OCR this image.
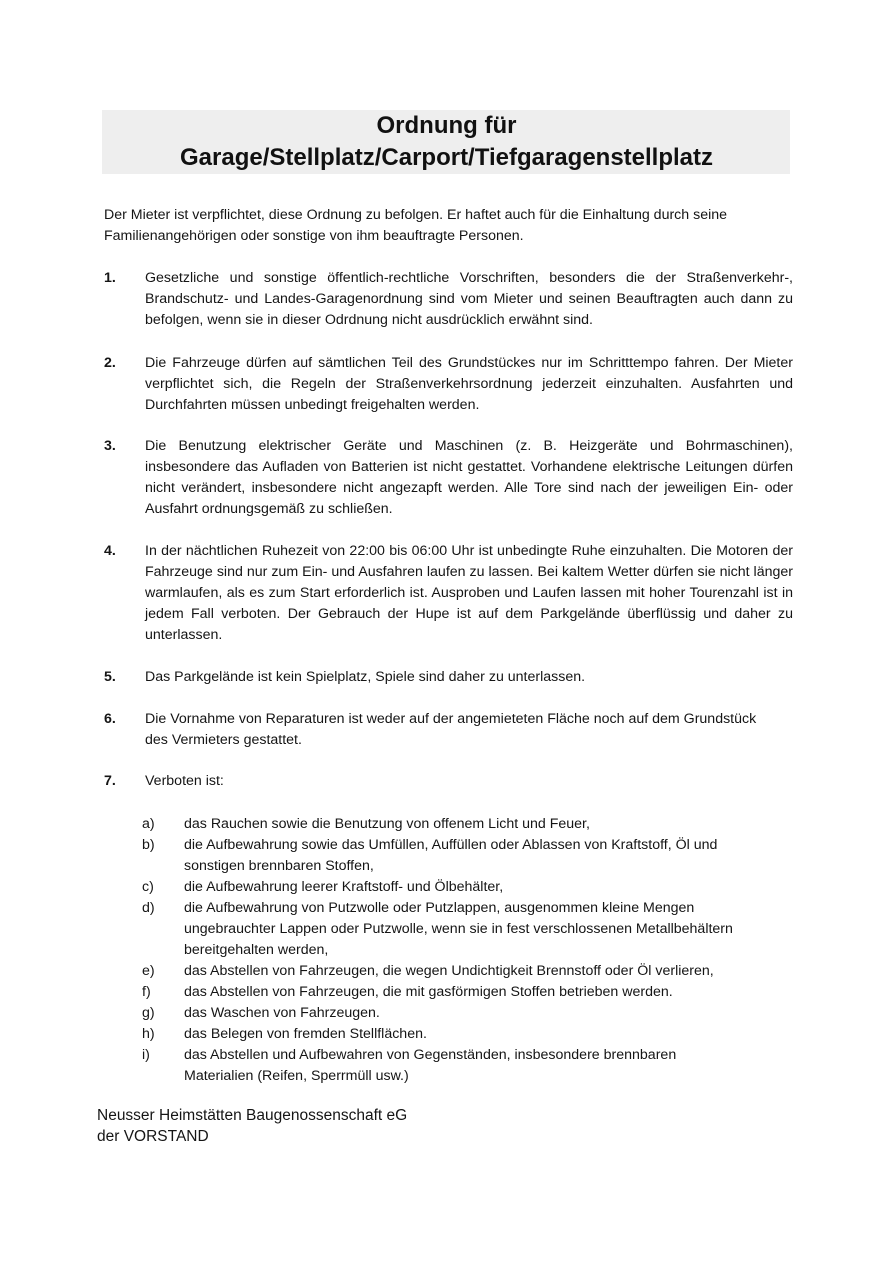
Ordnung für
Garage/Stellplatz/Carport/Tiefgaragenstellplatz
Der Mieter ist verpflichtet, diese Ordnung zu befolgen. Er haftet auch für die Einhaltung durch seine Familienangehörigen oder sonstige von ihm beauftragte Personen.
1. Gesetzliche und sonstige öffentlich-rechtliche Vorschriften, besonders die der Straßenverkehr-, Brandschutz- und Landes-Garagenordnung sind vom Mieter und seinen Beauftragten auch dann zu befolgen, wenn sie in dieser Odrdnung nicht ausdrücklich erwähnt sind.
2. Die Fahrzeuge dürfen auf sämtlichen Teil des Grundstückes nur im Schritttempo fahren. Der Mieter verpflichtet sich, die Regeln der Straßenverkehrsordnung jederzeit einzuhalten. Ausfahrten und Durchfahrten müssen unbedingt freigehalten werden.
3. Die Benutzung elektrischer Geräte und Maschinen (z. B. Heizgeräte und Bohrmaschinen), insbesondere das Aufladen von Batterien ist nicht gestattet. Vorhandene elektrische Leitungen dürfen nicht verändert, insbesondere nicht angezapft werden. Alle Tore sind nach der jeweiligen Ein- oder Ausfahrt ordnungsgemäß zu schließen.
4. In der nächtlichen Ruhezeit von 22:00 bis 06:00 Uhr ist unbedingte Ruhe einzuhalten. Die Motoren der Fahrzeuge sind nur zum Ein- und Ausfahren laufen zu lassen. Bei kaltem Wetter dürfen sie nicht länger warmlaufen, als es zum Start erforderlich ist. Ausproben und Laufen lassen mit hoher Tourenzahl ist in jedem Fall verboten. Der Gebrauch der Hupe ist auf dem Parkgelände überflüssig und daher zu unterlassen.
5. Das Parkgelände ist kein Spielplatz, Spiele sind daher zu unterlassen.
6. Die Vornahme von Reparaturen ist weder auf der angemieteten Fläche noch auf dem Grundstück des Vermieters gestattet.
7. Verboten ist:
a) das Rauchen sowie die Benutzung von offenem Licht und Feuer,
b) die Aufbewahrung sowie das Umfüllen, Auffüllen oder Ablassen von Kraftstoff, Öl und sonstigen brennbaren Stoffen,
c) die Aufbewahrung leerer Kraftstoff- und Ölbehälter,
d) die Aufbewahrung von Putzwolle oder Putzlappen, ausgenommen kleine Mengen ungebrauchter Lappen oder Putzwolle, wenn sie in fest verschlossenen Metallbehältern bereitgehalten werden,
e) das Abstellen von Fahrzeugen, die wegen Undichtigkeit Brennstoff oder Öl verlieren,
f) das Abstellen von Fahrzeugen, die mit gasförmigen Stoffen betrieben werden.
g) das Waschen von Fahrzeugen.
h) das Belegen von fremden Stellflächen.
i) das Abstellen und Aufbewahren von Gegenständen, insbesondere brennbaren Materialien (Reifen, Sperrmüll usw.)
Neusser Heimstätten Baugenossenschaft eG
der VORSTAND
